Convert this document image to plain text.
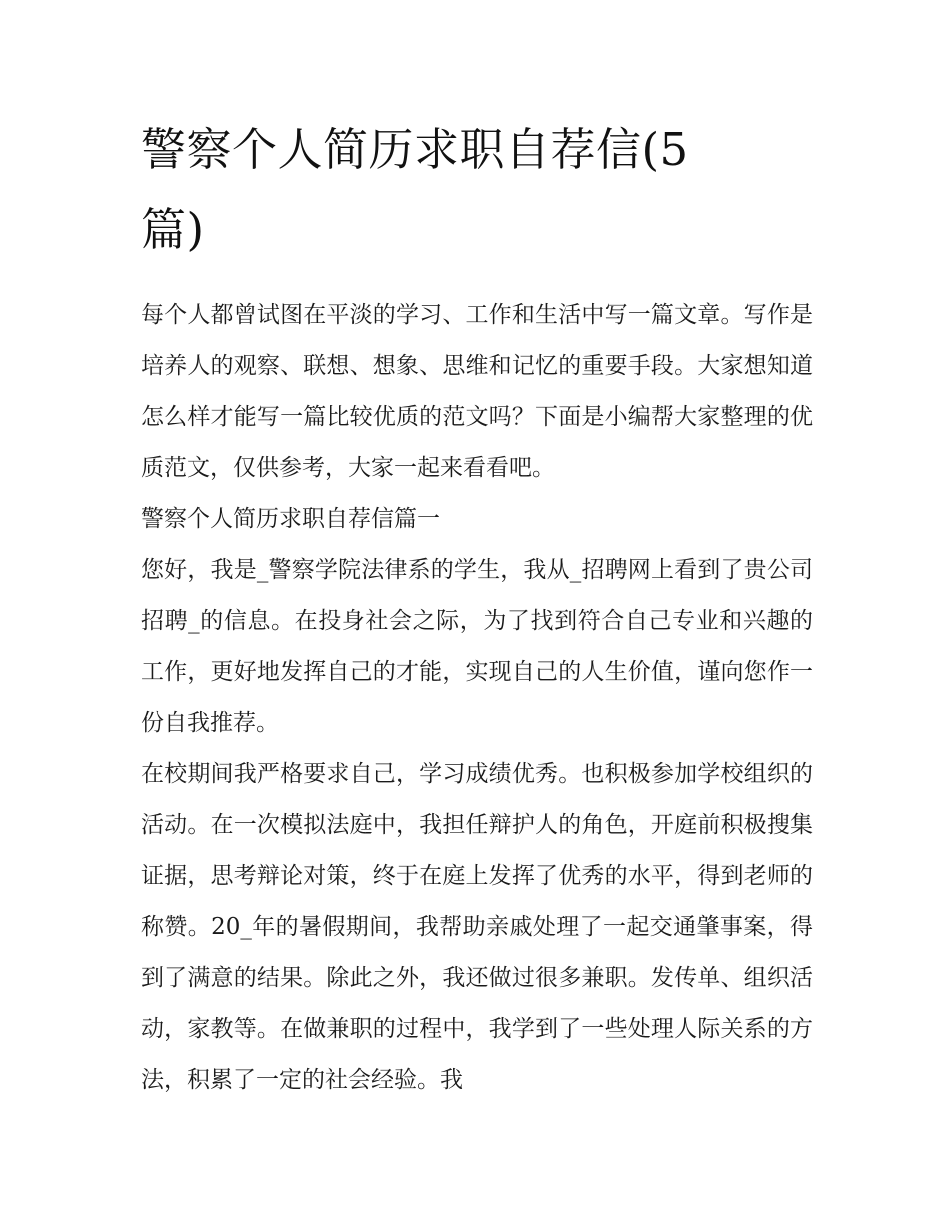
警察个人简历求职自荐信(5篇)

每个人都曾试图在平淡的学习、工作和生活中写一篇文章。写作是培养人的观察、联想、想象、思维和记忆的重要手段。大家想知道怎么样才能写一篇比较优质的范文吗？下面是小编帮大家整理的优质范文，仅供参考，大家一起来看看吧。

警察个人简历求职自荐信篇一

您好，我是_警察学院法律系的学生，我从_招聘网上看到了贵公司招聘_的信息。在投身社会之际，为了找到符合自己专业和兴趣的工作，更好地发挥自己的才能，实现自己的人生价值，谨向您作一份自我推荐。

在校期间我严格要求自己，学习成绩优秀。也积极参加学校组织的活动。在一次模拟法庭中，我担任辩护人的角色，开庭前积极搜集证据，思考辩论对策，终于在庭上发挥了优秀的水平，得到老师的称赞。20_年的暑假期间，我帮助亲戚处理了一起交通肇事案，得到了满意的结果。除此之外，我还做过很多兼职。发传单、组织活动，家教等。在做兼职的过程中，我学到了一些处理人际关系的方法，积累了一定的社会经验。我
